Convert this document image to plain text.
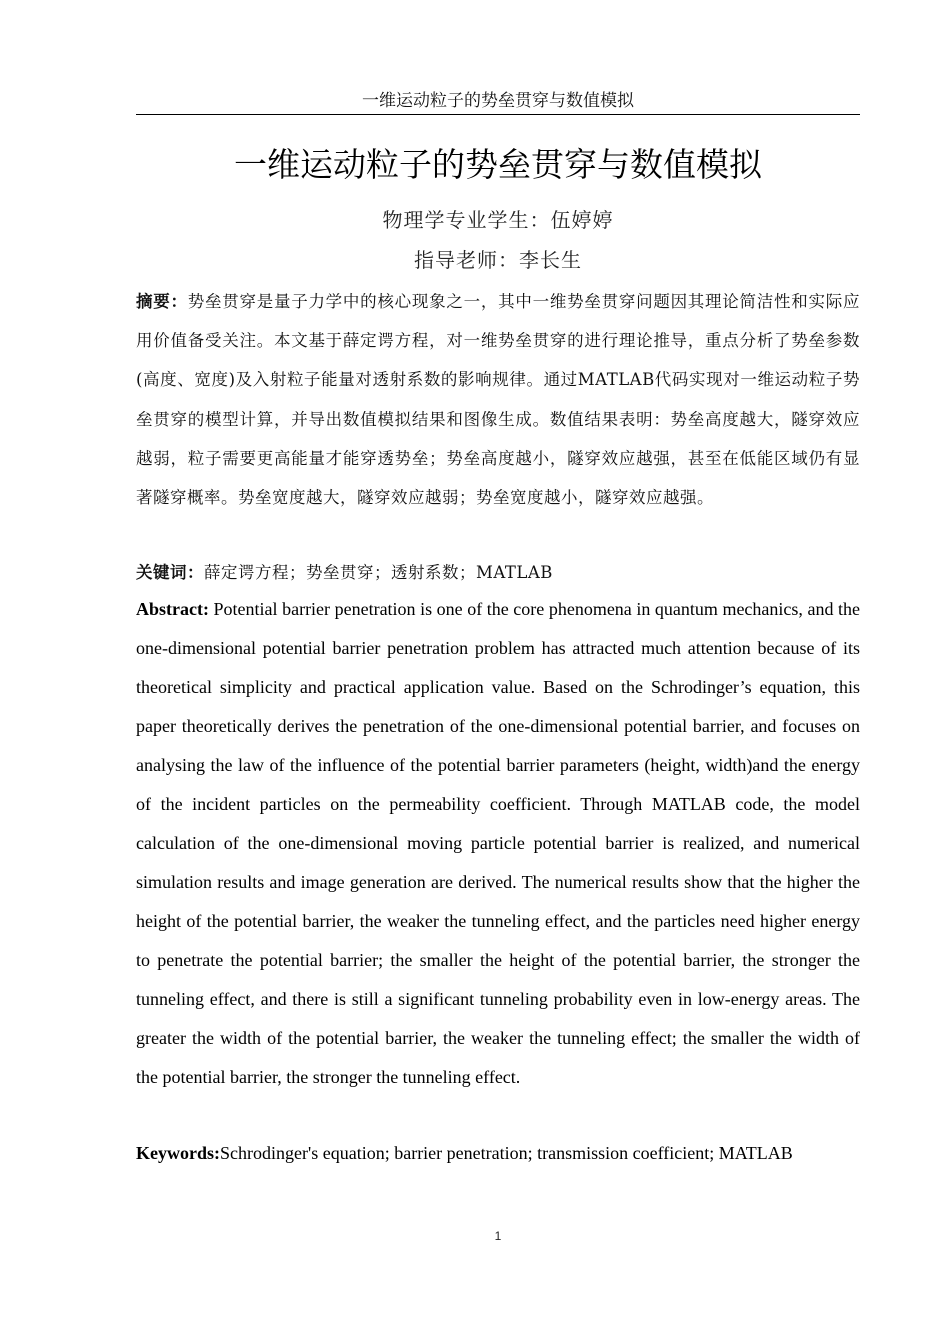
一维运动粒子的势垒贯穿与数值模拟
一维运动粒子的势垒贯穿与数值模拟
物理学专业学生：伍婷婷
指导老师：李长生
摘要：势垒贯穿是量子力学中的核心现象之一，其中一维势垒贯穿问题因其理论简洁性和实际应用价值备受关注。本文基于薛定谔方程，对一维势垒贯穿的进行理论推导，重点分析了势垒参数(高度、宽度)及入射粒子能量对透射系数的影响规律。通过MATLAB代码实现对一维运动粒子势垒贯穿的模型计算，并导出数值模拟结果和图像生成。数值结果表明：势垒高度越大，隧穿效应越弱，粒子需要更高能量才能穿透势垒；势垒高度越小，隧穿效应越强，甚至在低能区域仍有显著隧穿概率。势垒宽度越大，隧穿效应越弱；势垒宽度越小，隧穿效应越强。
关键词：薛定谔方程；势垒贯穿；透射系数；MATLAB
Abstract: Potential barrier penetration is one of the core phenomena in quantum mechanics, and the one-dimensional potential barrier penetration problem has attracted much attention because of its theoretical simplicity and practical application value. Based on the Schrodinger’s equation, this paper theoretically derives the penetration of the one-dimensional potential barrier, and focuses on analysing the law of the influence of the potential barrier parameters (height, width)and the energy of the incident particles on the permeability coefficient. Through MATLAB code, the model calculation of the one-dimensional moving particle potential barrier is realized, and numerical simulation results and image generation are derived. The numerical results show that the higher the height of the potential barrier, the weaker the tunneling effect, and the particles need higher energy to penetrate the potential barrier; the smaller the height of the potential barrier, the stronger the tunneling effect, and there is still a significant tunneling probability even in low-energy areas. The greater the width of the potential barrier, the weaker the tunneling effect; the smaller the width of the potential barrier, the stronger the tunneling effect.
Keywords:Schrodinger's equation; barrier penetration; transmission coefficient; MATLAB
1
